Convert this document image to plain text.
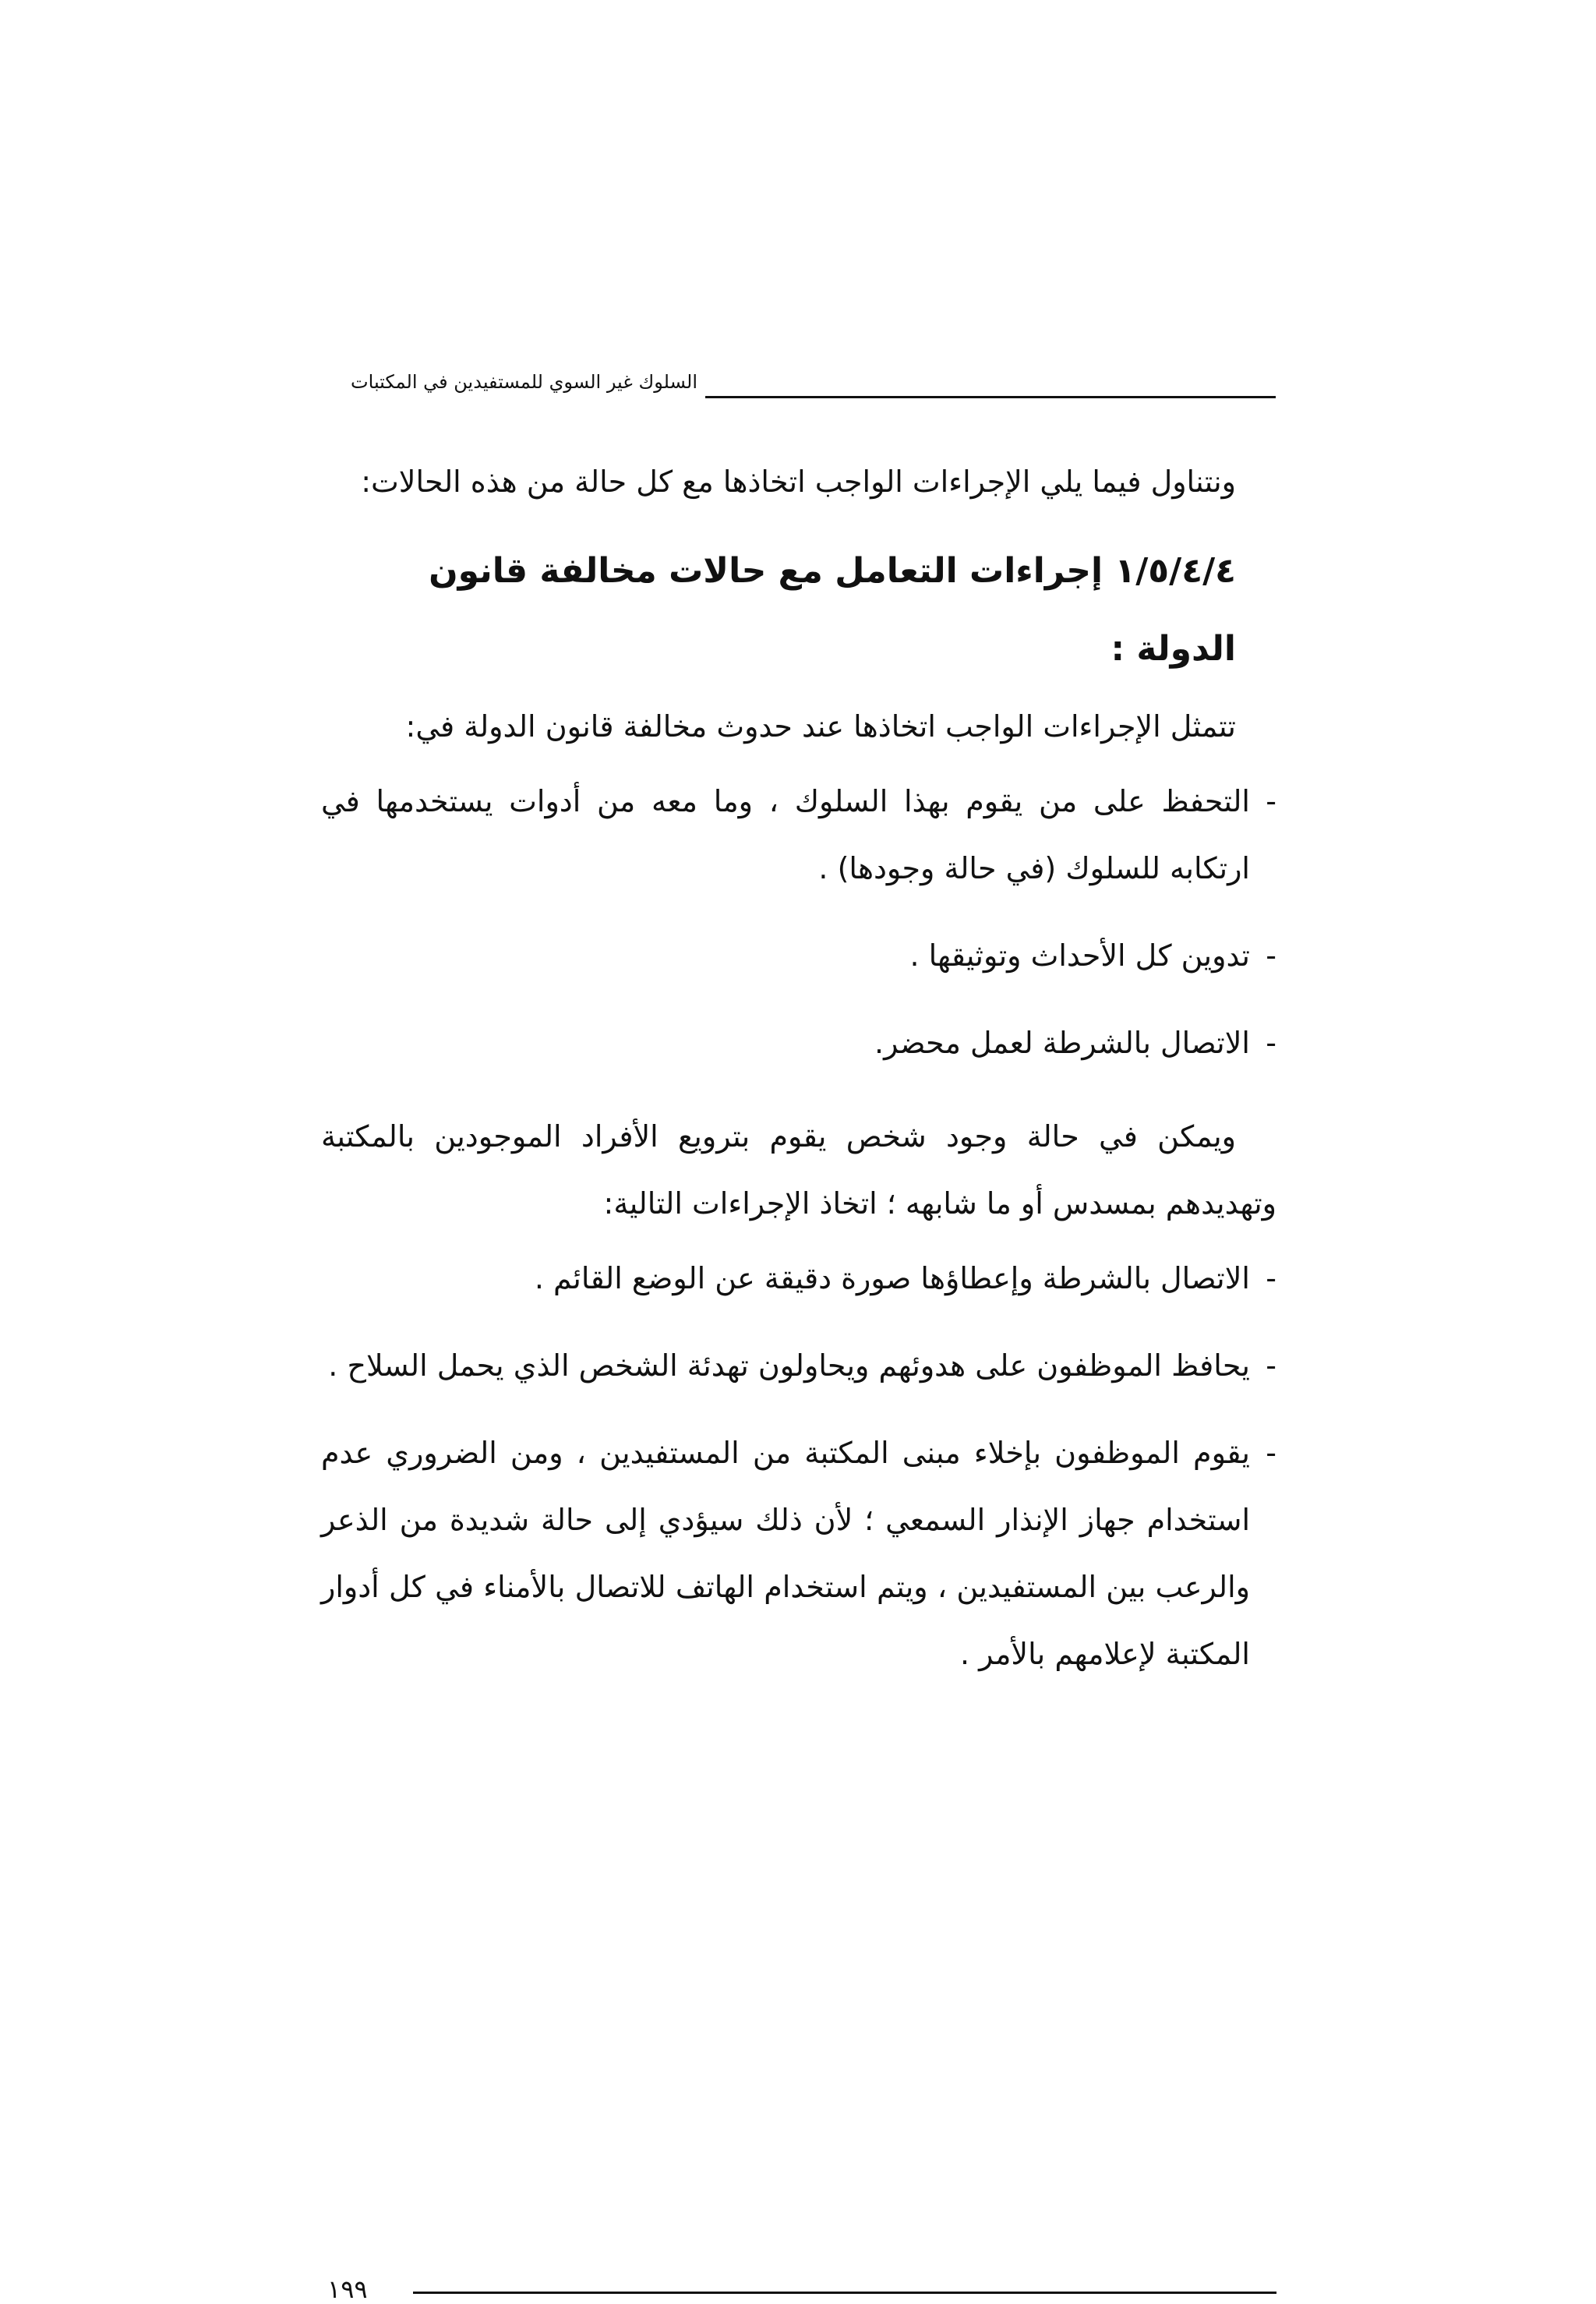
السلوك غير السوي للمستفيدين في المكتبات

ونتناول فيما يلي الإجراءات الواجب اتخاذها مع كل حالة من هذه الحالات:

١/٥/٤/٤ إجراءات التعامل مع حالات مخالفة قانون الدولة :

تتمثل الإجراءات الواجب اتخاذها عند حدوث مخالفة قانون الدولة في:

-
التحفظ على من يقوم بهذا السلوك ، وما معه من أدوات يستخدمها في ارتكابه للسلوك (في حالة وجودها) .
-
تدوين كل الأحداث وتوثيقها .
-
الاتصال بالشرطة لعمل محضر.

ويمكن في حالة وجود شخص يقوم بترويع الأفراد الموجودين بالمكتبة وتهديدهم بمسدس أو ما شابهه ؛ اتخاذ الإجراءات التالية:

-
الاتصال بالشرطة وإعطاؤها صورة دقيقة عن الوضع القائم .
-
يحافظ الموظفون على هدوئهم ويحاولون تهدئة الشخص الذي يحمل السلاح .
-
يقوم الموظفون بإخلاء مبنى المكتبة من المستفيدين ، ومن الضروري عدم استخدام جهاز الإنذار السمعي ؛ لأن ذلك سيؤدي إلى حالة شديدة من الذعر والرعب بين المستفيدين ، ويتم استخدام الهاتف للاتصال بالأمناء في كل أدوار المكتبة لإعلامهم بالأمر .
١٩٩
